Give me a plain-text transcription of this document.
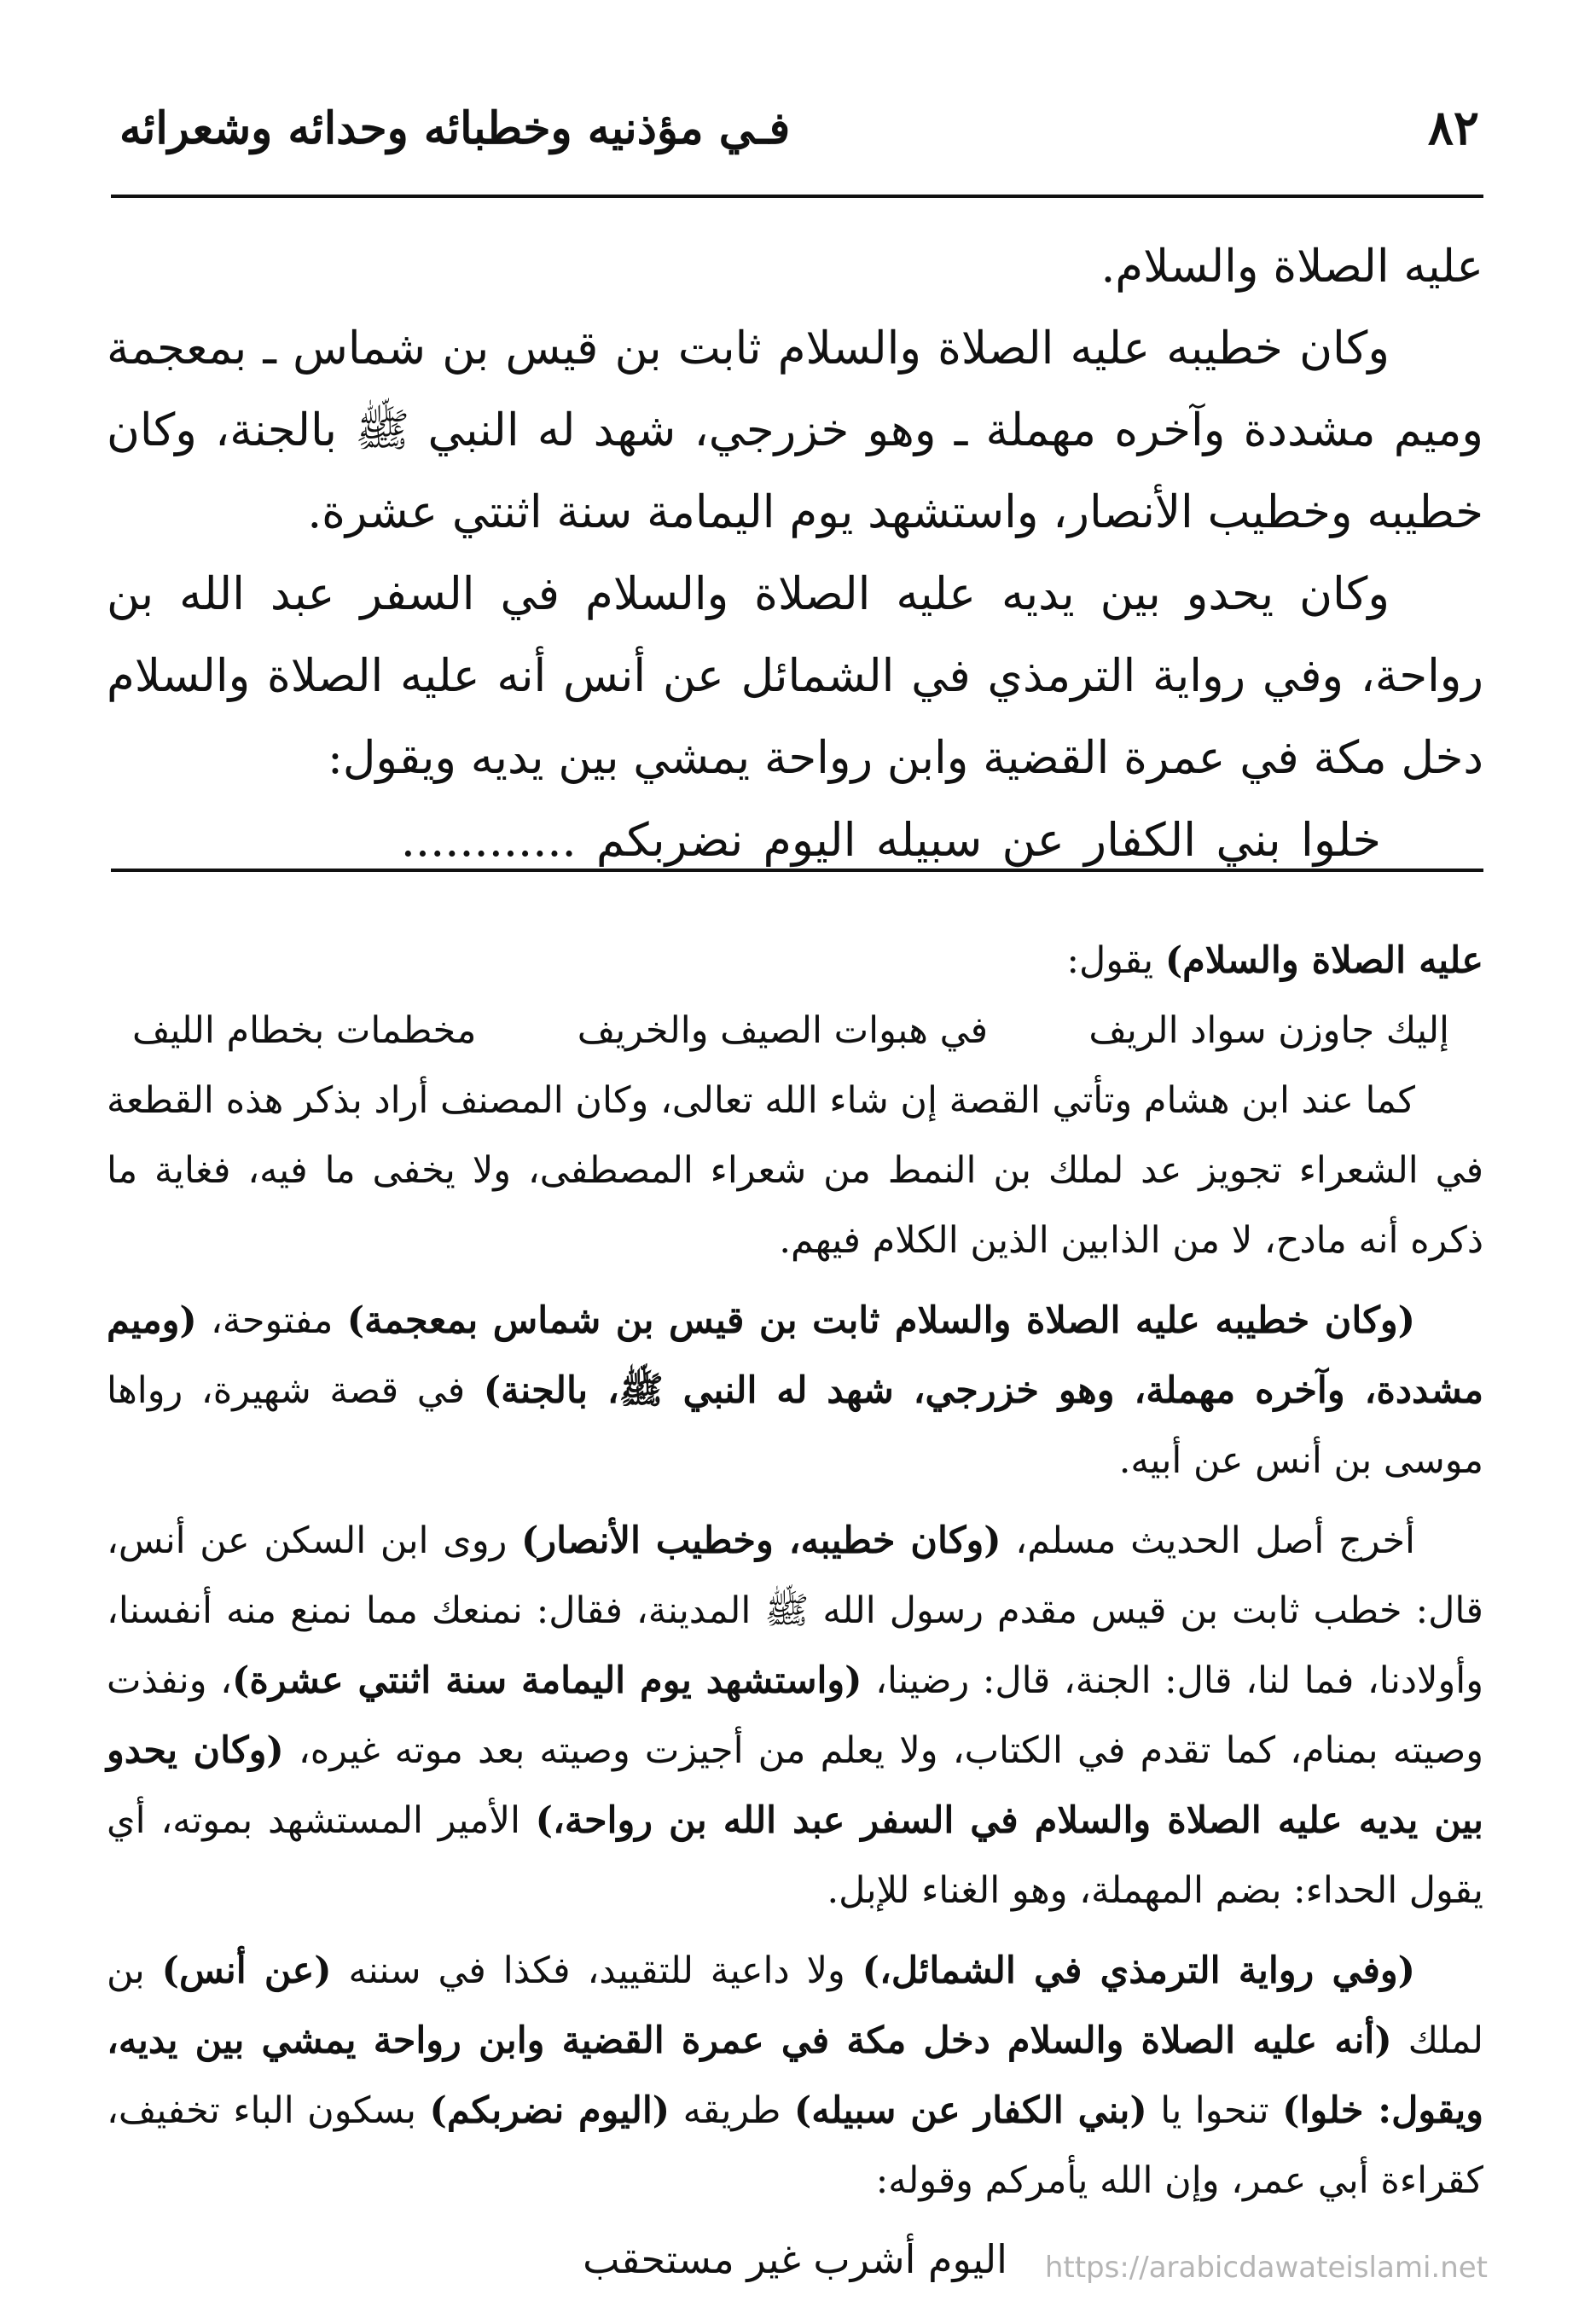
٨٢
فـي مؤذنيه وخطبائه وحدائه وشعرائه

عليه الصلاة والسلام.

وكان خطيبه عليه الصلاة والسلام ثابت بن قيس بن شماس ـ بمعجمة وميم مشددة وآخره مهملة ـ وهو خزرجي، شهد له النبي ﷺ بالجنة، وكان خطيبه وخطيب الأنصار، واستشهد يوم اليمامة سنة اثنتي عشرة.

وكان يحدو بين يديه عليه الصلاة والسلام في السفر عبد الله بن رواحة، وفي رواية الترمذي في الشمائل عن أنس أنه عليه الصلاة والسلام دخل مكة في عمرة القضية وابن رواحة يمشي بين يديه ويقول:

خلوا بني الكفار عن سبيله اليوم نضربكم ............

عليه الصلاة والسلام) يقول:

إليك جاوزن سواد الريف
في هبوات الصيف والخريف
مخطمات بخطام الليف

كما عند ابن هشام وتأتي القصة إن شاء الله تعالى، وكان المصنف أراد بذكر هذه القطعة في الشعراء تجويز عد لملك بن النمط من شعراء المصطفى، ولا يخفى ما فيه، فغاية ما ذكره أنه مادح، لا من الذابين الذين الكلام فيهم.

(وكان خطيبه عليه الصلاة والسلام ثابت بن قيس بن شماس بمعجمة) مفتوحة، (وميم مشددة، وآخره مهملة، وهو خزرجي، شهد له النبي ﷺ، بالجنة) في قصة شهيرة، رواها موسى بن أنس عن أبيه.

أخرج أصل الحديث مسلم، (وكان خطيبه، وخطيب الأنصار) روى ابن السكن عن أنس، قال: خطب ثابت بن قيس مقدم رسول الله ﷺ المدينة، فقال: نمنعك مما نمنع منه أنفسنا، وأولادنا، فما لنا، قال: الجنة، قال: رضينا، (واستشهد يوم اليمامة سنة اثنتي عشرة)، ونفذت وصيته بمنام، كما تقدم في الكتاب، ولا يعلم من أجيزت وصيته بعد موته غيره، (وكان يحدو بين يديه عليه الصلاة والسلام في السفر عبد الله بن رواحة،) الأمير المستشهد بموته، أي يقول الحداء: بضم المهملة، وهو الغناء للإبل.

(وفي رواية الترمذي في الشمائل،) ولا داعية للتقييد، فكذا في سننه (عن أنس) بن لملك (أنه عليه الصلاة والسلام دخل مكة في عمرة القضية وابن رواحة يمشي بين يديه، ويقول: خلوا) تنحوا يا (بني الكفار عن سبيله) طريقه (اليوم نضربكم) بسكون الباء تخفيف، كقراءة أبي عمر، وإن الله يأمركم وقوله:

اليوم أشرب غير مستحقب	https://arabicdawateislami.net
